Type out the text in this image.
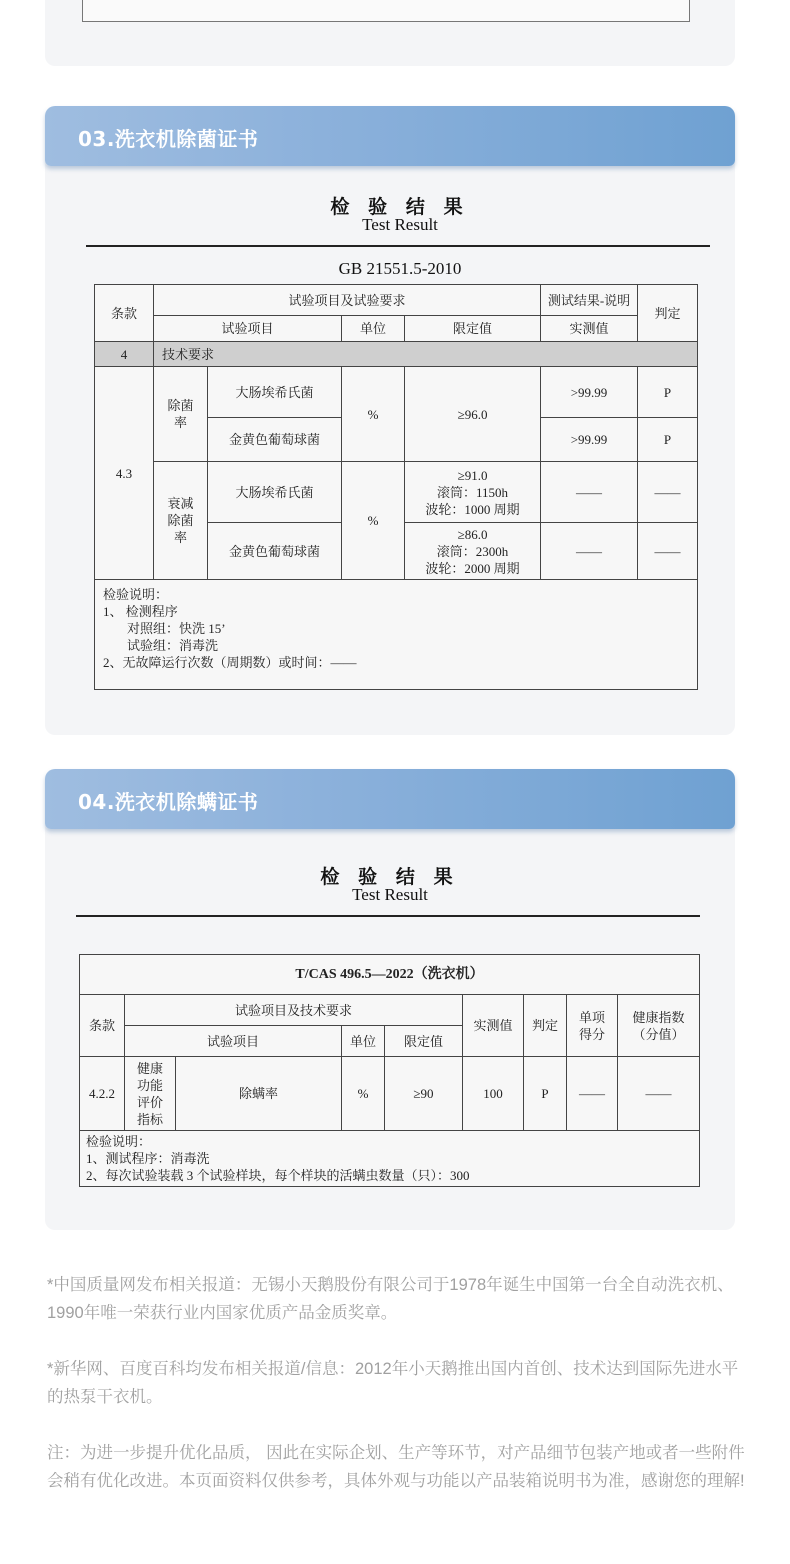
03.洗衣机除菌证书
检 验 结 果
Test Result
GB 21551.5-2010
条款	试验项目及试验要求				测试结果-说明	判定
	试验项目		单位	限定值	实测值	
4	技术要求					
4.3	除菌率	大肠埃希氏菌	%	≥96.0	>99.99	P
		金黄色葡萄球菌			>99.99	P
	衰减除菌率	大肠埃希氏菌	%	≥91.0
滚筒：1150h
波轮：1000 周期	——	——
		金黄色葡萄球菌		≥86.0
滚筒：2300h
波轮：2000 周期	——	——

检验说明：
1、 检测程序
对照组：快洗 15’
试验组：消毒洗
2、无故障运行次数（周期数）或时间：——						
04.洗衣机除螨证书
检 验 结 果
Test Result
T/CAS 496.5—2022（洗衣机）								
条款	试验项目及技术要求				实测值	判定	单项得分	健康指数
（分值）

	试验项目		单位	限定值				
4.2.2	健康功能评价指标	除螨率	%	≥90	100	P	——	——

检验说明：
1、测试程序：消毒洗
2、每次试验装载 3 个试验样块，每个样块的活螨虫数量（只）：300								
*中国质量网发布相关报道：无锡小天鹅股份有限公司于1978年诞生中国第一台全自动洗衣机、1990年唯一荣获行业内国家优质产品金质奖章。
*新华网、百度百科均发布相关报道/信息：2012年小天鹅推出国内首创、技术达到国际先进水平的热泵干衣机。
注：为进一步提升优化品质， 因此在实际企划、生产等环节，对产品细节包装产地或者一些附件会稍有优化改进。本页面资料仅供参考，具体外观与功能以产品装箱说明书为准，感谢您的理解!
